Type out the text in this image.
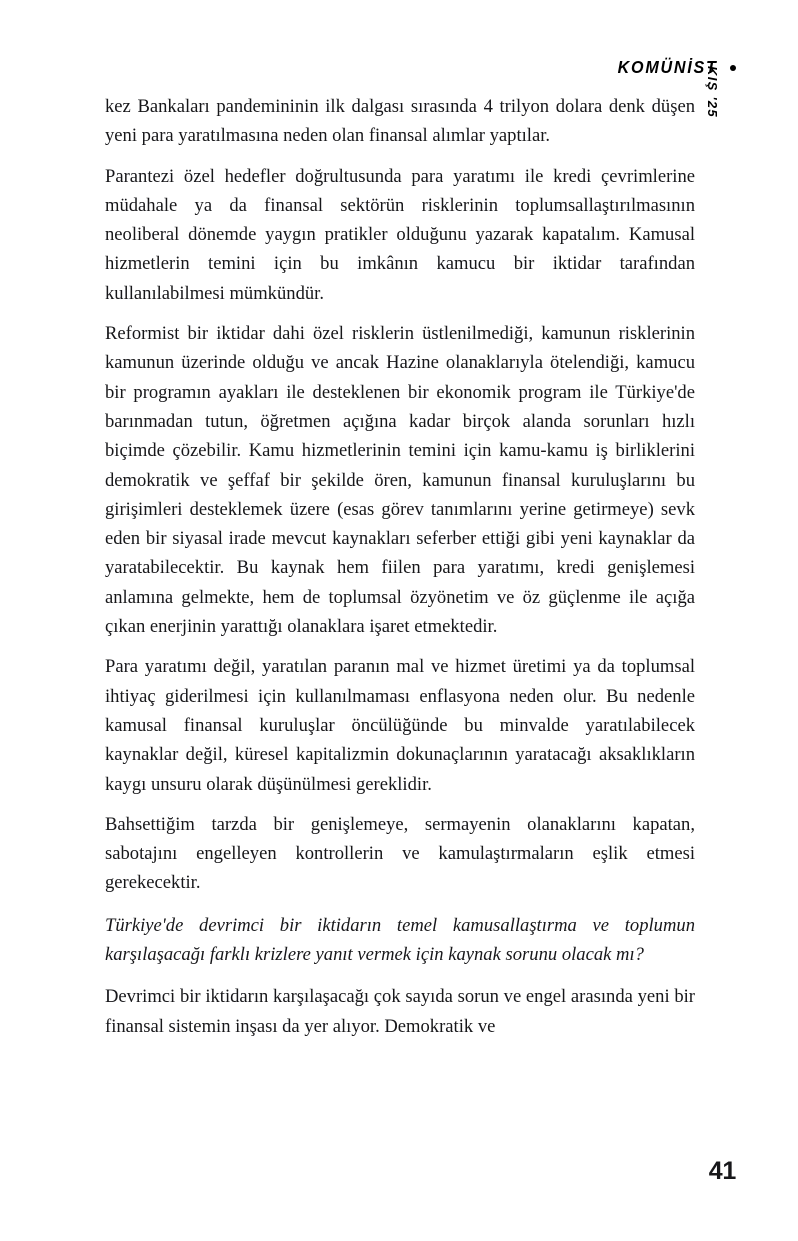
KOMÜNİST
KIŞ '25

kez Bankaları pandemininin ilk dalgası sırasında 4 trilyon dolara denk düşen yeni para yaratılmasına neden olan finansal alımlar yaptılar.

Parantezi özel hedefler doğrultusunda para yaratımı ile kredi çevrimlerine müdahale ya da finansal sektörün risklerinin toplumsallaştırılmasının neoliberal dönemde yaygın pratikler olduğunu yazarak kapatalım. Kamusal hizmetlerin temini için bu imkânın kamucu bir iktidar tarafından kullanılabilmesi mümkündür.

Reformist bir iktidar dahi özel risklerin üstlenilmediği, kamunun risklerinin kamunun üzerinde olduğu ve ancak Hazine olanaklarıyla ötelendiği, kamucu bir programın ayakları ile desteklenen bir ekonomik program ile Türkiye'de barınmadan tutun, öğretmen açığına kadar birçok alanda sorunları hızlı biçimde çözebilir. Kamu hizmetlerinin temini için kamu-kamu iş birliklerini demokratik ve şeffaf bir şekilde ören, kamunun finansal kuruluşlarını bu girişimleri desteklemek üzere (esas görev tanımlarını yerine getirmeye) sevk eden bir siyasal irade mevcut kaynakları seferber ettiği gibi yeni kaynaklar da yaratabilecektir. Bu kaynak hem fiilen para yaratımı, kredi genişlemesi anlamına gelmekte, hem de toplumsal özyönetim ve öz güçlenme ile açığa çıkan enerjinin yarattığı olanaklara işaret etmektedir.

Para yaratımı değil, yaratılan paranın mal ve hizmet üretimi ya da toplumsal ihtiyaç giderilmesi için kullanılmaması enflasyona neden olur. Bu nedenle kamusal finansal kuruluşlar öncülüğünde bu minvalde yaratılabilecek kaynaklar değil, küresel kapitalizmin dokunaçlarının yaratacağı aksaklıkların kaygı unsuru olarak düşünülmesi gereklidir.

Bahsettiğim tarzda bir genişlemeye, sermayenin olanaklarını kapatan, sabotajını engelleyen kontrollerin ve kamulaştırmaların eşlik etmesi gerekecektir.

Türkiye'de devrimci bir iktidarın temel kamusallaştırma ve toplumun karşılaşacağı farklı krizlere yanıt vermek için kaynak sorunu olacak mı?

Devrimci bir iktidarın karşılaşacağı çok sayıda sorun ve engel arasında yeni bir finansal sistemin inşası da yer alıyor. Demokratik ve

41
